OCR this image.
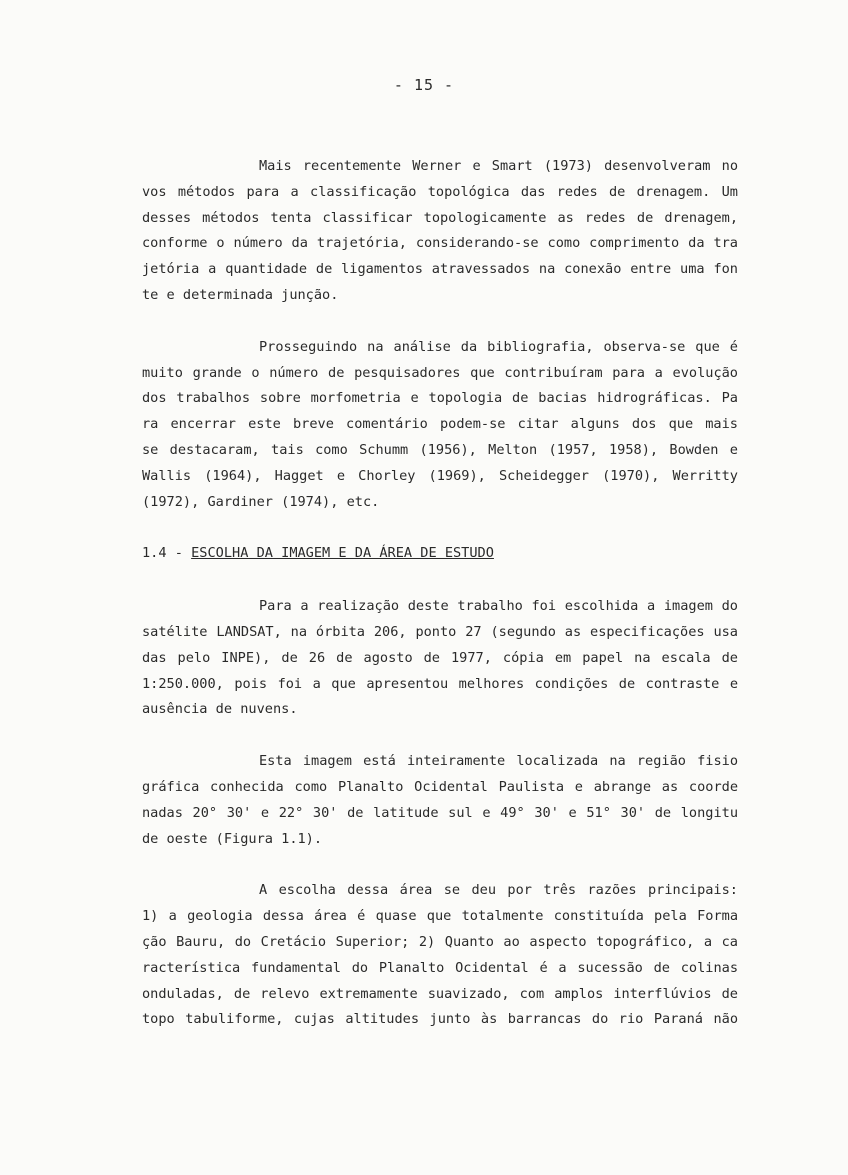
- 15 -
Mais recentemente Werner e Smart (1973) desenvolveram no
vos métodos para a classificação topológica das redes de drenagem. Um
desses métodos tenta classificar topologicamente as redes de drenagem,
conforme o número da trajetória, considerando-se como comprimento da tra
jetória a quantidade de ligamentos atravessados na conexão entre uma fon
te e determinada junção.
Prosseguindo na análise da bibliografia, observa-se que é
muito grande o número de pesquisadores que contribuíram para a evolução
dos trabalhos sobre morfometria e topologia de bacias hidrográficas. Pa
ra encerrar este breve comentário podem-se citar alguns dos que mais
se destacaram, tais como Schumm (1956), Melton (1957, 1958), Bowden e
Wallis (1964), Hagget e Chorley (1969), Scheidegger (1970), Werritty
(1972), Gardiner (1974), etc.
1.4 - ESCOLHA DA IMAGEM E DA ÁREA DE ESTUDO
Para a realização deste trabalho foi escolhida a imagem do
satélite LANDSAT, na órbita 206, ponto 27 (segundo as especificações usa
das pelo INPE), de 26 de agosto de 1977, cópia em papel na escala de
1:250.000, pois foi a que apresentou melhores condições de contraste e
ausência de nuvens.
Esta imagem está inteiramente localizada na região fisio
gráfica conhecida como Planalto Ocidental Paulista e abrange as coorde
nadas 20° 30' e 22° 30' de latitude sul e 49° 30' e 51° 30' de longitu
de oeste (Figura 1.1).
A escolha dessa área se deu por três razões principais:
1) a geologia dessa área é quase que totalmente constituída pela Forma
ção Bauru, do Cretácio Superior; 2) Quanto ao aspecto topográfico, a ca
racterística fundamental do Planalto Ocidental é a sucessão de colinas
onduladas, de relevo extremamente suavizado, com amplos interflúvios de
topo tabuliforme, cujas altitudes junto às barrancas do rio Paraná não
